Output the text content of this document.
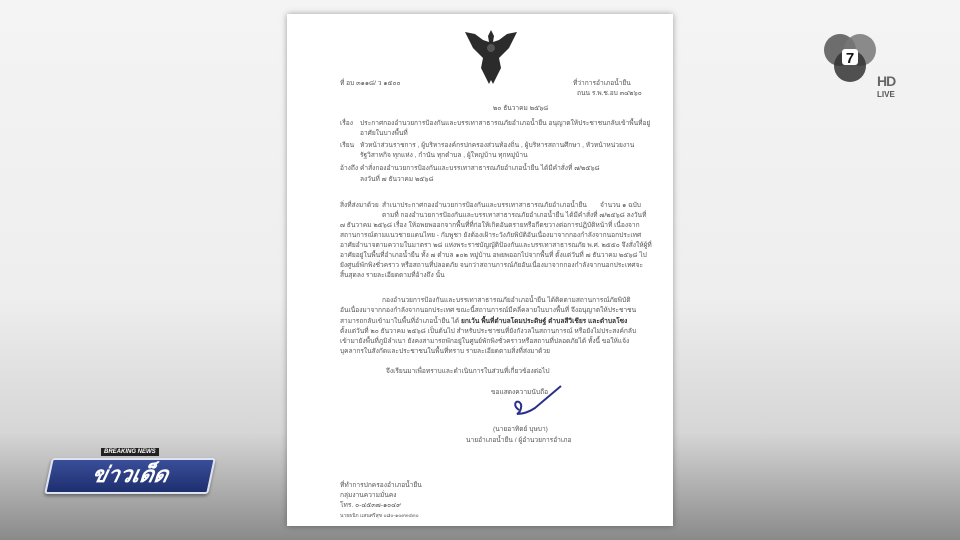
ที่ อบ ๓๑๑๘/ ว ๑๕๐๐	ที่ว่าการอำเภอน้ำยืน
ถนน ร.พ.ช.อบ ๓๔๒๖๐
๒๐ ธันวาคม ๒๕๖๘
เรื่อง ประกาศกองอำนวยการป้องกันและบรรเทาสาธารณภัยอำเภอน้ำยืน อนุญาตให้ประชาชนกลับเข้าพื้นที่อยู่
อาศัยในบางพื้นที่
เรียน หัวหน้าส่วนราชการ , ผู้บริหารองค์กรปกครองส่วนท้องถิ่น , ผู้บริหารสถานศึกษา , หัวหน้าหน่วยงาน
รัฐวิสาหกิจ ทุกแห่ง , กำนัน ทุกตำบล , ผู้ใหญ่บ้าน ทุกหมู่บ้าน
อ้างถึง คำสั่งกองอำนวยการป้องกันและบรรเทาสาธารณภัยอำเภอน้ำยืน ได้มีคำสั่งที่ ๗/๒๕๖๘
ลงวันที่ ๗ ธันวาคม ๒๕๖๘
สิ่งที่ส่งมาด้วย สำเนาประกาศกองอำนวยการป้องกันและบรรเทาสาธารณภัยอำเภอน้ำยืน จำนวน ๑ ฉบับ
ตามที่ กองอำนวยการป้องกันและบรรเทาสาธารณภัยอำเภอน้ำยืน ได้มีคำสั่งที่ ๗/๒๕๖๘ ลงวันที่
๗ ธันวาคม ๒๕๖๘ เรื่อง ให้อพยพออกจากพื้นที่ที่ก่อให้เกิดอันตรายหรือกีดขวางต่อการปฏิบัติหน้าที่ เนื่องจาก
สถานการณ์ตามแนวชายแดนไทย - กัมพูชา ยังต้องเฝ้าระวังภัยพิบัติอันเนื่องมาจากกองกำลังจากนอกประเทศ
อาศัยอำนาจตามความในมาตรา ๒๘ แห่งพระราชบัญญัติป้องกันและบรรเทาสาธารณภัย พ.ศ. ๒๕๕๐ จึงสั่งให้ผู้ที่
อาศัยอยู่ในพื้นที่อำเภอน้ำยืน ทั้ง ๗ ตำบล ๑๐๒ หมู่บ้าน อพยพออกไปจากพื้นที่ ตั้งแต่วันที่ ๗ ธันวาคม ๒๕๖๘ ไป
ยังศูนย์พักพิงชั่วคราว หรือสถานที่ปลอดภัย จนกว่าสถานการณ์ภัยอันเนื่องมาจากกองกำลังจากนอกประเทศจะ
สิ้นสุดลง รายละเอียดตามที่อ้างถึง นั้น
กองอำนวยการป้องกันและบรรเทาสาธารณภัยอำเภอน้ำยืน ได้ติดตามสถานการณ์ภัยพิบัติ
อันเนื่องมาจากกองกำลังจากนอกประเทศ ขณะนี้สถานการณ์มีคลี่คลายในบางพื้นที่ จึงอนุญาตให้ประชาชน
สามารถกลับเข้ามาในพื้นที่อำเภอน้ำยืน ได้ ยกเว้น พื้นที่ตำบลโดมประดิษฐ์ ตำบลสีวิเชียร และตำบลโซง
ตั้งแต่วันที่ ๒๐ ธันวาคม ๒๕๖๘ เป็นต้นไป สำหรับประชาชนที่ยังกังวลในสถานการณ์ หรือยังไม่ประสงค์กลับ
เข้ามายังพื้นที่ภูมิลำเนา ยังคงสามารถพักอยู่ในศูนย์พักพิงชั่วคราวหรือสถานที่ปลอดภัยได้ ทั้งนี้ ขอให้แจ้ง
บุคลากรในสังกัดและประชาชนในพื้นที่ทราบ รายละเอียดตามสิ่งที่ส่งมาด้วย
จึงเรียนมาเพื่อทราบและดำเนินการในส่วนที่เกี่ยวข้องต่อไป
ขอแสดงความนับถือ
(นายอาทิตย์ บุษบา)
นายอำเภอน้ำยืน / ผู้อำนวยการอำเภอ
ที่ทำการปกครองอำเภอน้ำยืน
กลุ่มงานความมั่นคง
โทร. ๐-๔๕๓๗-๑๐๔๙
นายธนิก แสนศรีสุข ๐๘๐-๑๐๙๓๔๓๐
7
HD
LIVE
ข่าวเด็ด
BREAKING NEWS
